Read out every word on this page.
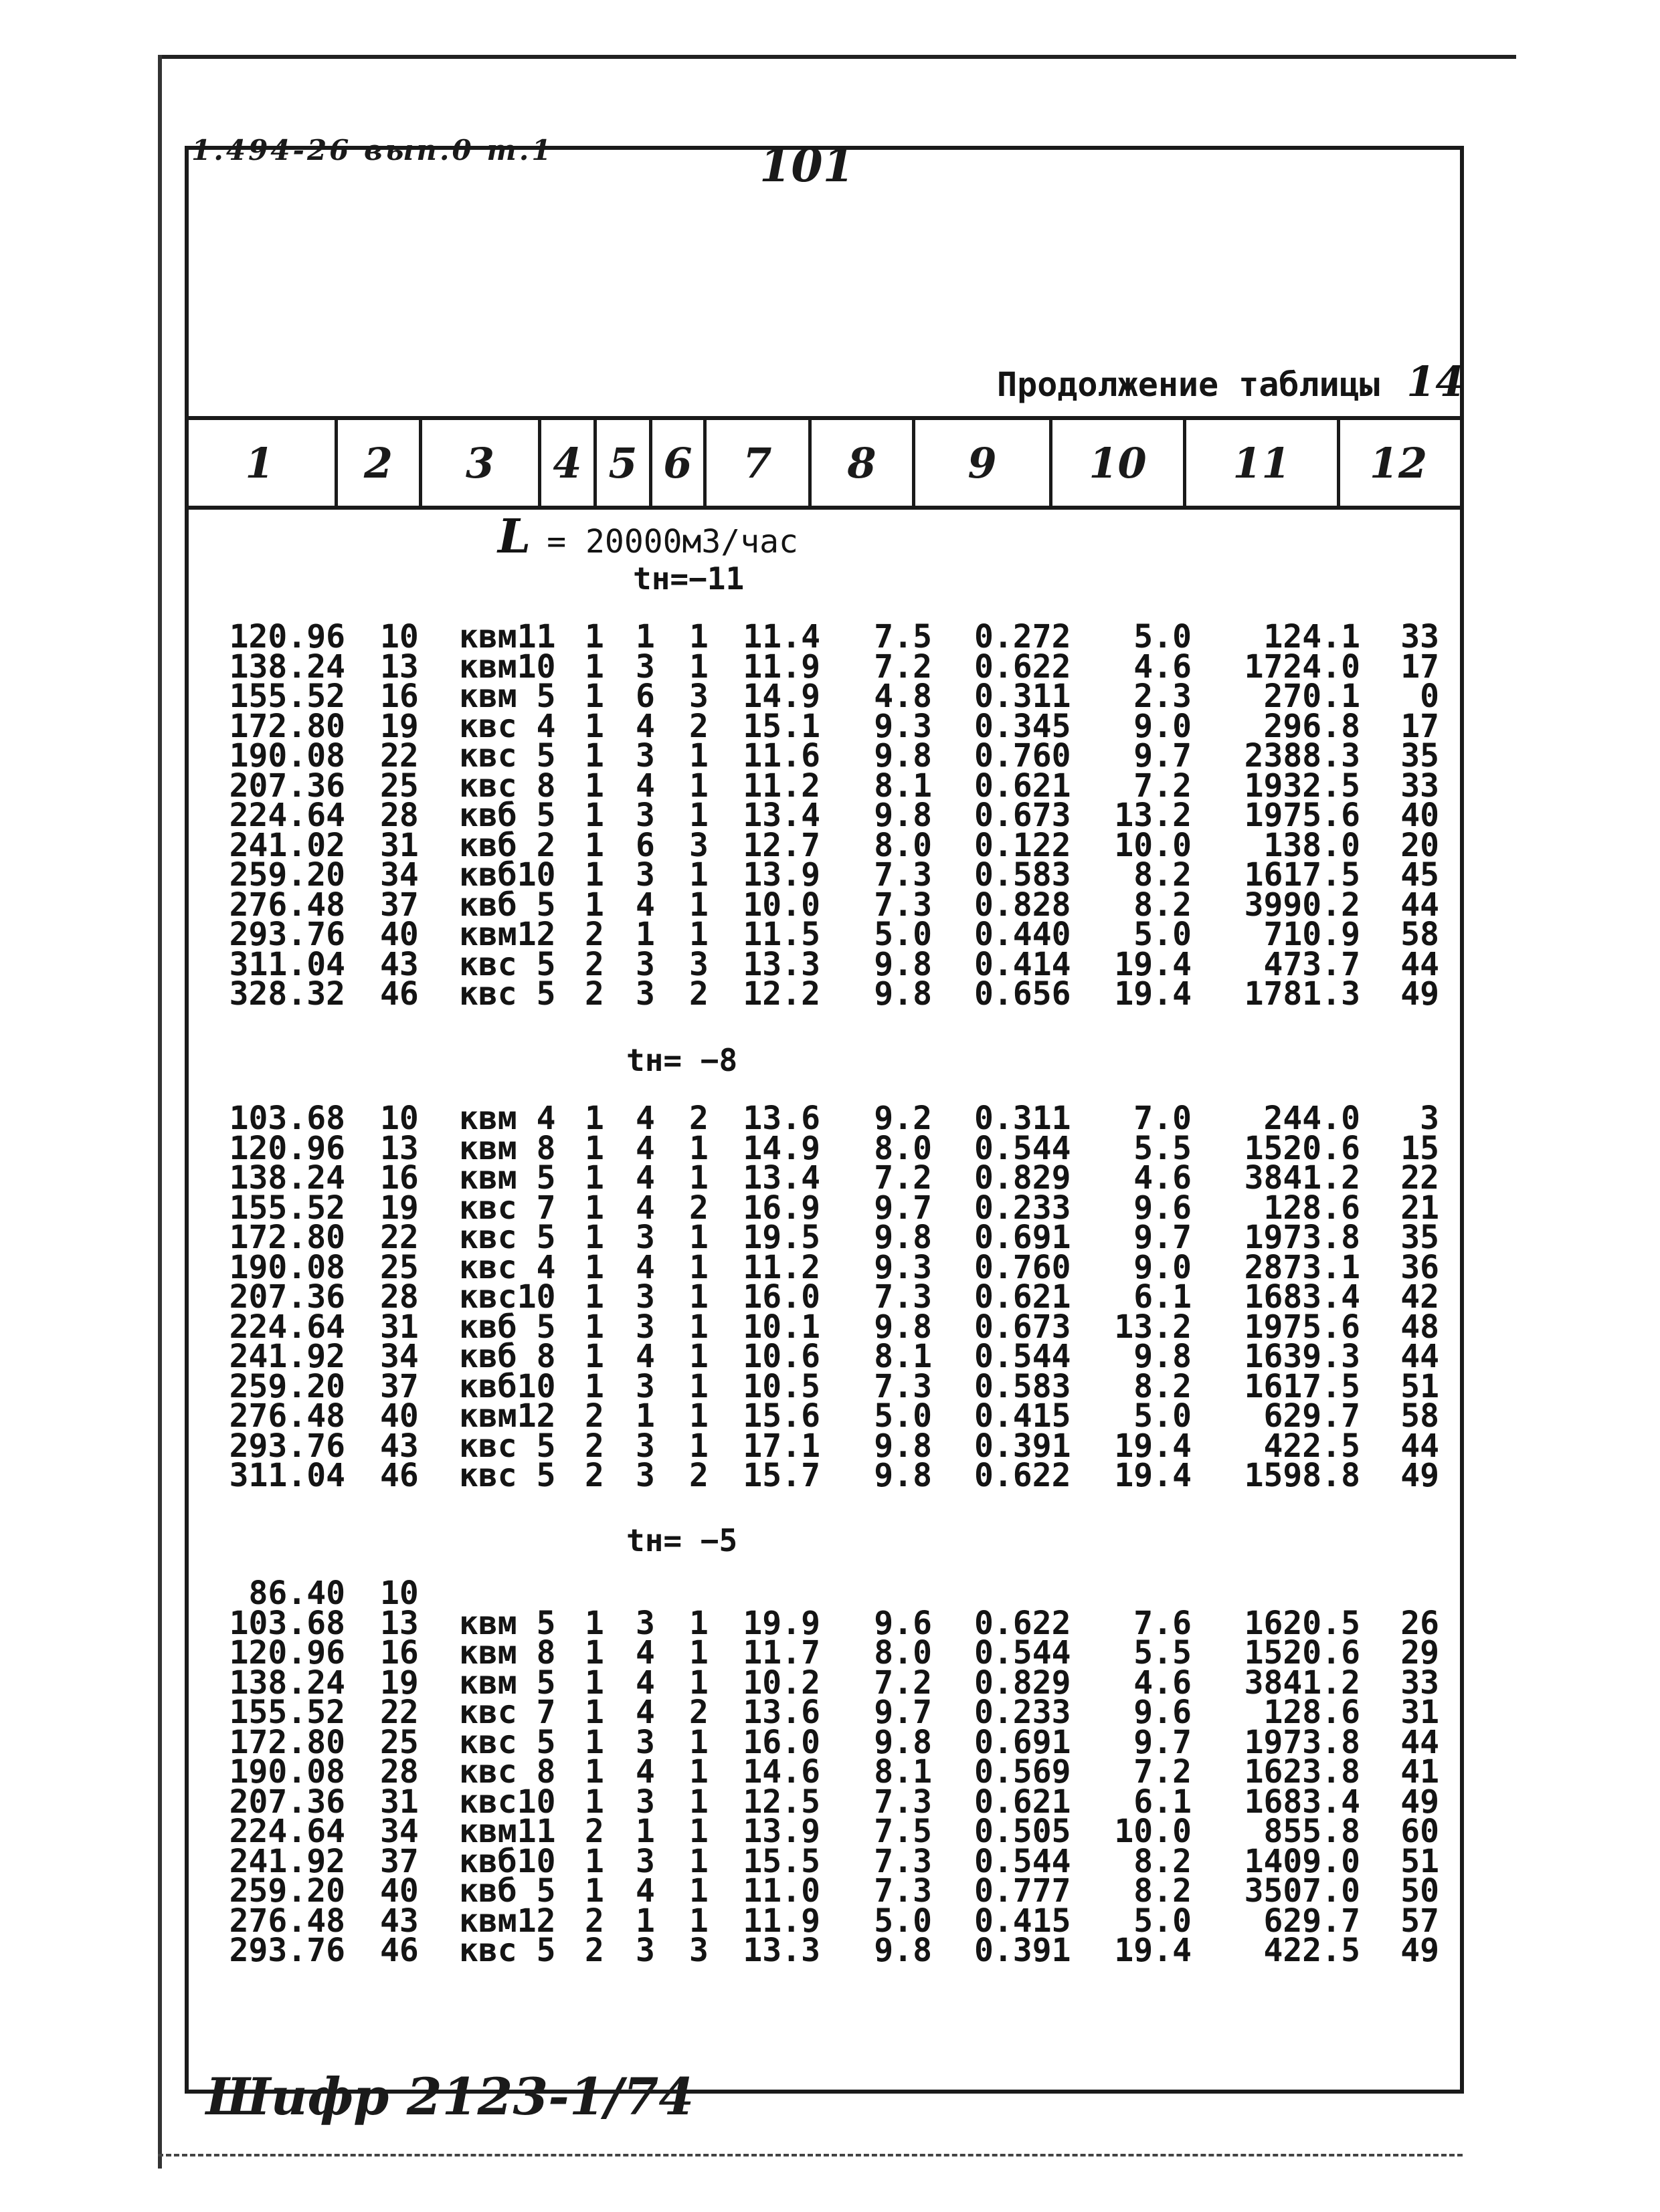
1.494-26 вып.0 т.1	101
Продолжение таблицы 14
1	2	3	4 5 6	7	8	9	10	11	12
L = 20000м3/час
tн=−11
tн= −8
tн= −5
120.96 10 квм11 1 1 1 11.4 7.5 0.272 5.0 124.1 33
138.24 13 квм10 1 3 1 11.9 7.2 0.622 4.6 1724.0 17
155.52 16 квм 5 1 6 3 14.9 4.8 0.311 2.3 270.1 0
172.80 19 квс 4 1 4 2 15.1 9.3 0.345 9.0 296.8 17
190.08 22 квс 5 1 3 1 11.6 9.8 0.760 9.7 2388.3 35
207.36 25 квс 8 1 4 1 11.2 8.1 0.621 7.2 1932.5 33
224.64 28 квб 5 1 3 1 13.4 9.8 0.673 13.2 1975.6 40
241.02 31 квб 2 1 6 3 12.7 8.0 0.122 10.0 138.0 20
259.20 34 квб10 1 3 1 13.9 7.3 0.583 8.2 1617.5 45
276.48 37 квб 5 1 4 1 10.0 7.3 0.828 8.2 3990.2 44
293.76 40 квм12 2 1 1 11.5 5.0 0.440 5.0 710.9 58
311.04 43 квс 5 2 3 3 13.3 9.8 0.414 19.4 473.7 44
328.32 46 квс 5 2 3 2 12.2 9.8 0.656 19.4 1781.3 49
103.68 10 квм 4 1 4 2 13.6 9.2 0.311 7.0 244.0 3
120.96 13 квм 8 1 4 1 14.9 8.0 0.544 5.5 1520.6 15
138.24 16 квм 5 1 4 1 13.4 7.2 0.829 4.6 3841.2 22
155.52 19 квс 7 1 4 2 16.9 9.7 0.233 9.6 128.6 21
172.80 22 квс 5 1 3 1 19.5 9.8 0.691 9.7 1973.8 35
190.08 25 квс 4 1 4 1 11.2 9.3 0.760 9.0 2873.1 36
207.36 28 квс10 1 3 1 16.0 7.3 0.621 6.1 1683.4 42
224.64 31 квб 5 1 3 1 10.1 9.8 0.673 13.2 1975.6 48
241.92 34 квб 8 1 4 1 10.6 8.1 0.544 9.8 1639.3 44
259.20 37 квб10 1 3 1 10.5 7.3 0.583 8.2 1617.5 51
276.48 40 квм12 2 1 1 15.6 5.0 0.415 5.0 629.7 58
293.76 43 квс 5 2 3 1 17.1 9.8 0.391 19.4 422.5 44
311.04 46 квс 5 2 3 2 15.7 9.8 0.622 19.4 1598.8 49
86.40 10
103.68 13 квм 5 1 3 1 19.9 9.6 0.622 7.6 1620.5 26
120.96 16 квм 8 1 4 1 11.7 8.0 0.544 5.5 1520.6 29
138.24 19 квм 5 1 4 1 10.2 7.2 0.829 4.6 3841.2 33
155.52 22 квс 7 1 4 2 13.6 9.7 0.233 9.6 128.6 31
172.80 25 квс 5 1 3 1 16.0 9.8 0.691 9.7 1973.8 44
190.08 28 квс 8 1 4 1 14.6 8.1 0.569 7.2 1623.8 41
207.36 31 квс10 1 3 1 12.5 7.3 0.621 6.1 1683.4 49
224.64 34 квм11 2 1 1 13.9 7.5 0.505 10.0 855.8 60
241.92 37 квб10 1 3 1 15.5 7.3 0.544 8.2 1409.0 51
259.20 40 квб 5 1 4 1 11.0 7.3 0.777 8.2 3507.0 50
276.48 43 квм12 2 1 1 11.9 5.0 0.415 5.0 629.7 57
293.76 46 квс 5 2 3 3 13.3 9.8 0.391 19.4 422.5 49
Шифр 2123-1/74
